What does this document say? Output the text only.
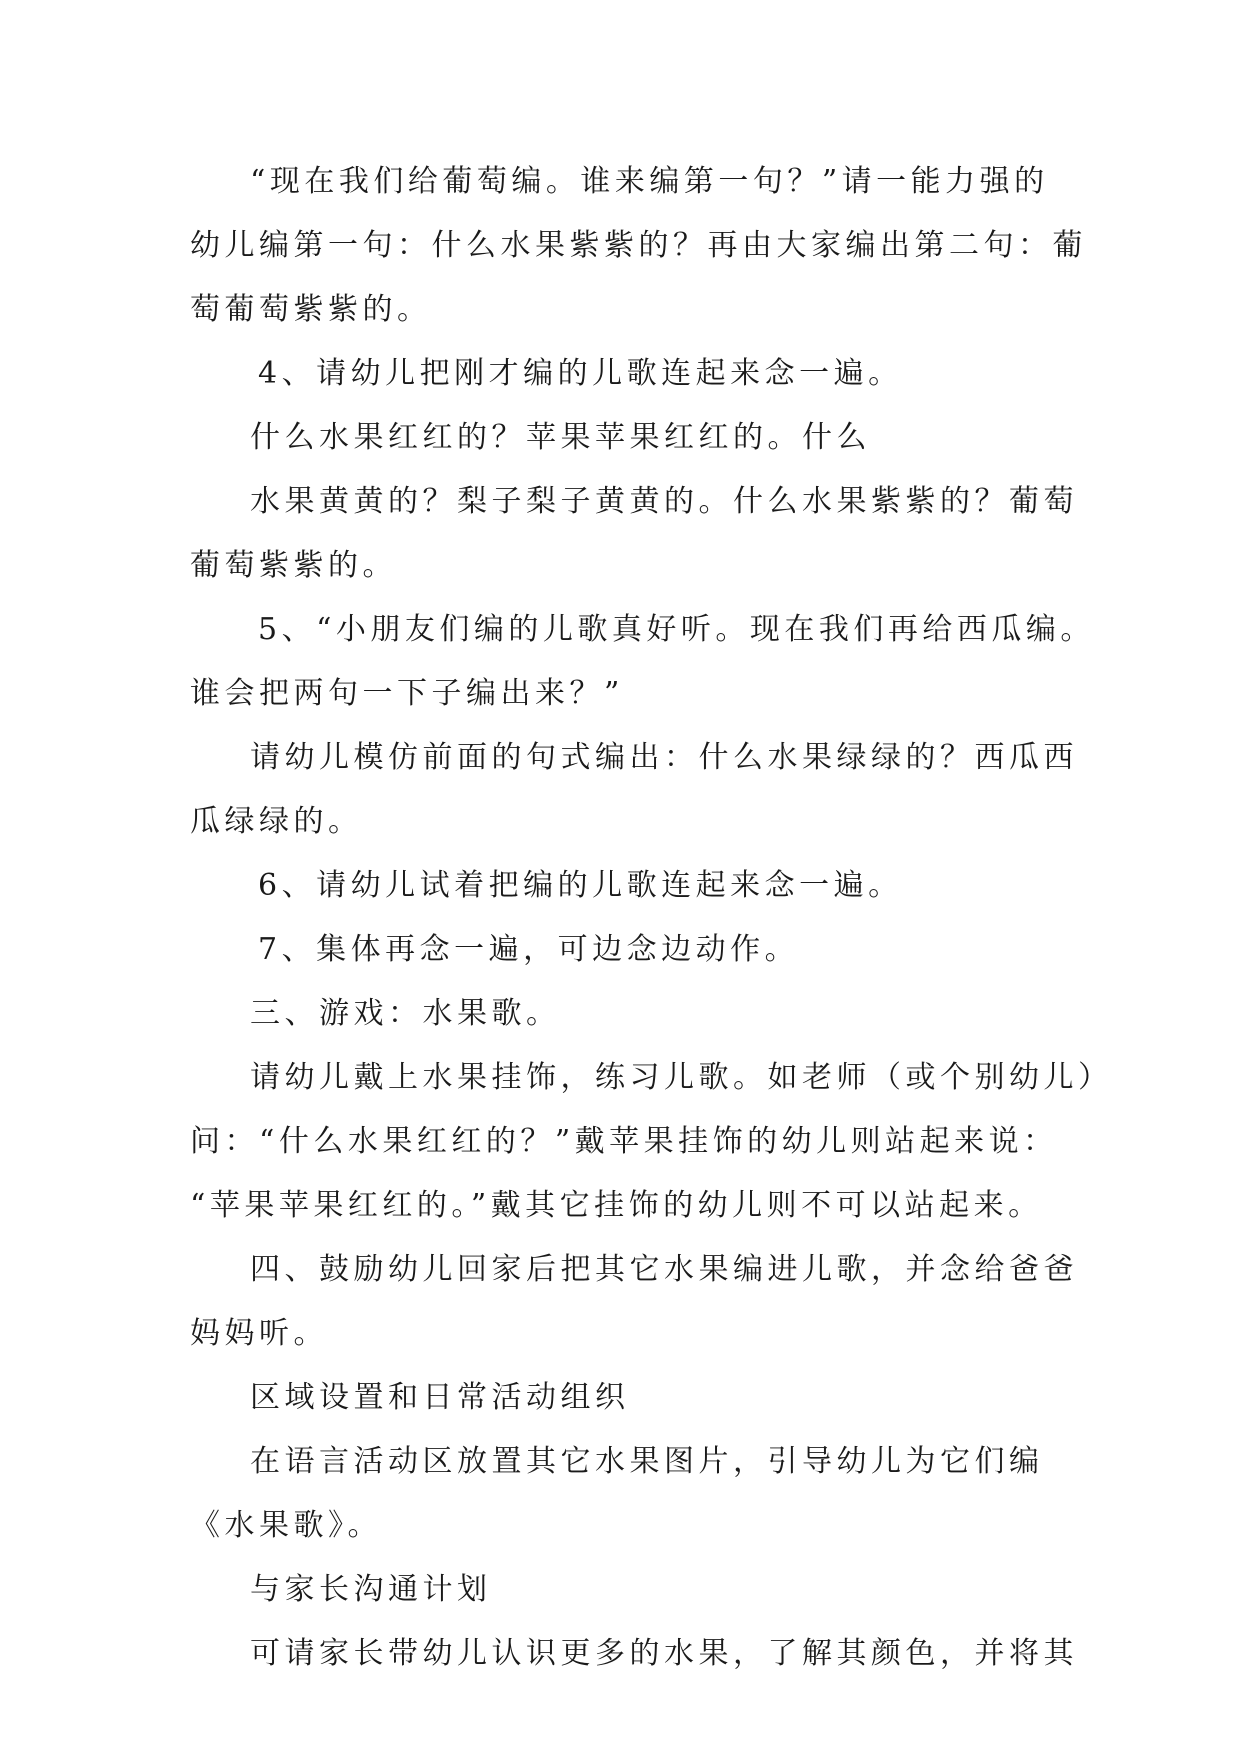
“现在我们给葡萄编。谁来编第一句？”请一能力强的
幼儿编第一句：什么水果紫紫的？再由大家编出第二句：葡
萄葡萄紫紫的。
4、请幼儿把刚才编的儿歌连起来念一遍。
什么水果红红的？苹果苹果红红的。什么
水果黄黄的？梨子梨子黄黄的。什么水果紫紫的？葡萄
葡萄紫紫的。
5、“小朋友们编的儿歌真好听。现在我们再给西瓜编。
谁会把两句一下子编出来？”
请幼儿模仿前面的句式编出：什么水果绿绿的？西瓜西
瓜绿绿的。
6、请幼儿试着把编的儿歌连起来念一遍。
7、集体再念一遍，可边念边动作。
三、游戏：水果歌。
请幼儿戴上水果挂饰，练习儿歌。如老师（或个别幼儿）
问：“什么水果红红的？”戴苹果挂饰的幼儿则站起来说：
“苹果苹果红红的。”戴其它挂饰的幼儿则不可以站起来。
四、鼓励幼儿回家后把其它水果编进儿歌，并念给爸爸
妈妈听。
区域设置和日常活动组织
在语言活动区放置其它水果图片，引导幼儿为它们编
《水果歌》。
与家长沟通计划
可请家长带幼儿认识更多的水果，了解其颜色，并将其
